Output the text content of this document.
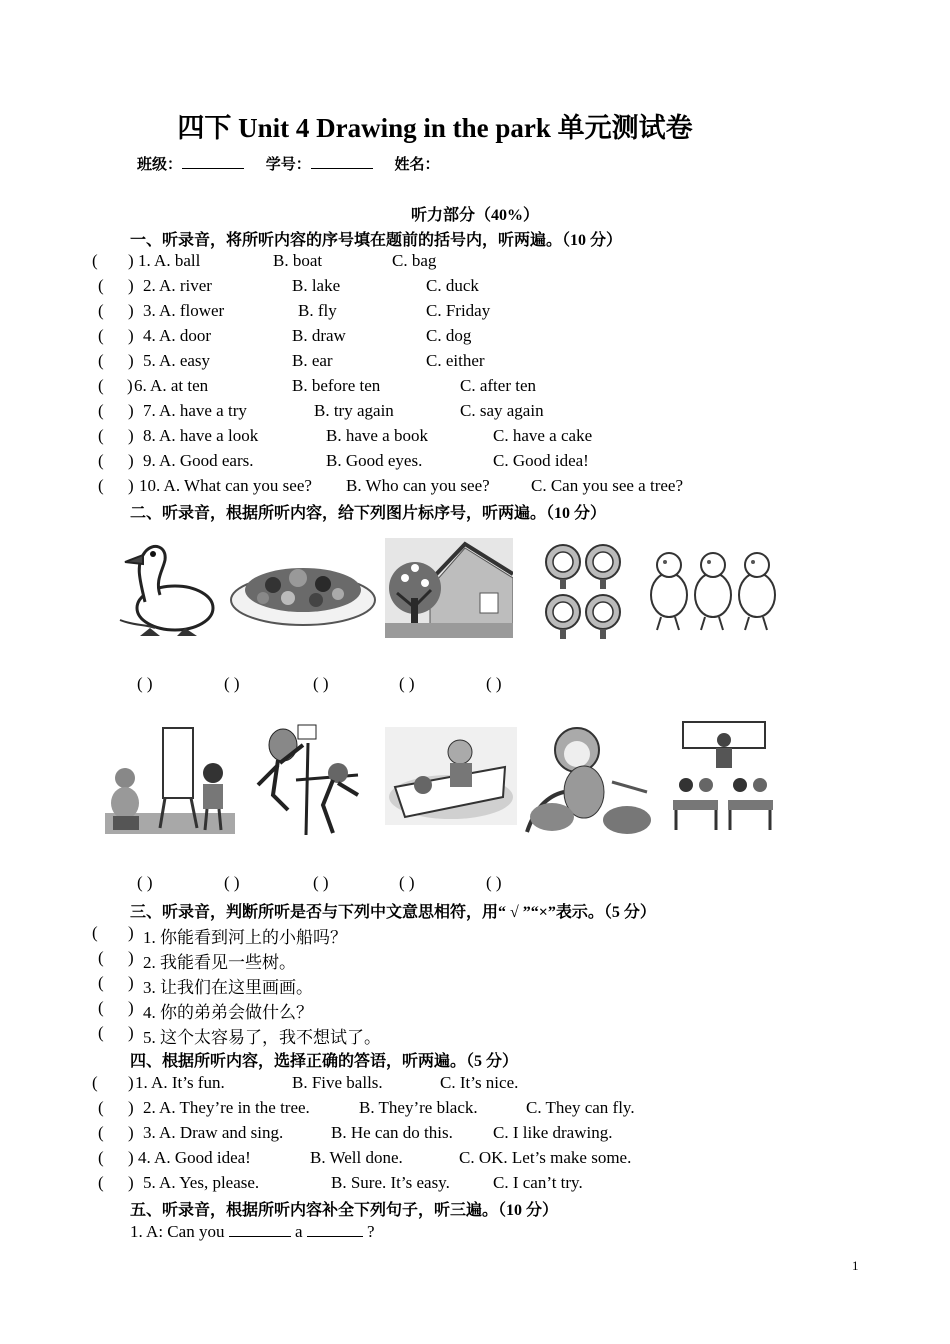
四下 Unit 4 Drawing in the park 单元测试卷
班级：	学号：	姓名：
听力部分（40%）
一、听录音，将所听内容的序号填在题前的括号内，听两遍。（10 分）
( ) 1. A. ball	B. boat	C. bag
( ) 2. A. river	B. lake	C. duck
( ) 3. A. flower	B. fly	C. Friday
( ) 4. A. door	B. draw	C. dog
( ) 5. A. easy	B. ear	C. either
( ) 6. A. at ten	B. before ten	C. after ten
( ) 7. A. have a try	B. try again	C. say again
( ) 8. A. have a look	B. have a book	C. have a cake
( ) 9. A. Good ears.	B. Good eyes.	C. Good idea!
( ) 10. A. What can you see? B. Who can you see? C. Can you see a tree?
二、听录音，根据所听内容，给下列图片标序号，听两遍。（10 分）
( )	( )	( )	( )	( )
( )	( )	( )	( )	( )
三、听录音，判断所听是否与下列中文意思相符，用“ √ ”“×”表示。（5 分）
( ) 1. 你能看到河上的小船吗？
( ) 2. 我能看见一些树。
( ) 3. 让我们在这里画画。
( ) 4. 你的弟弟会做什么？
( ) 5. 这个太容易了，我不想试了。
四、根据所听内容，选择正确的答语，听两遍。（5 分）
( ) 1. A. It’s fun.	B. Five balls.	C. It’s nice.
( ) 2. A. They’re in the tree.	B. They’re black.	C. They can fly.
( ) 3. A. Draw and sing.	B. He can do this. C. I like drawing.
( ) 4. A. Good idea!	B. Well done.	C. OK. Let’s make some.
( ) 5. A. Yes, please.	B. Sure. It’s easy.	C. I can’t try.
五、听录音，根据所听内容补全下列句子，听三遍。（10 分）
1. A: Can you	a	?
1
